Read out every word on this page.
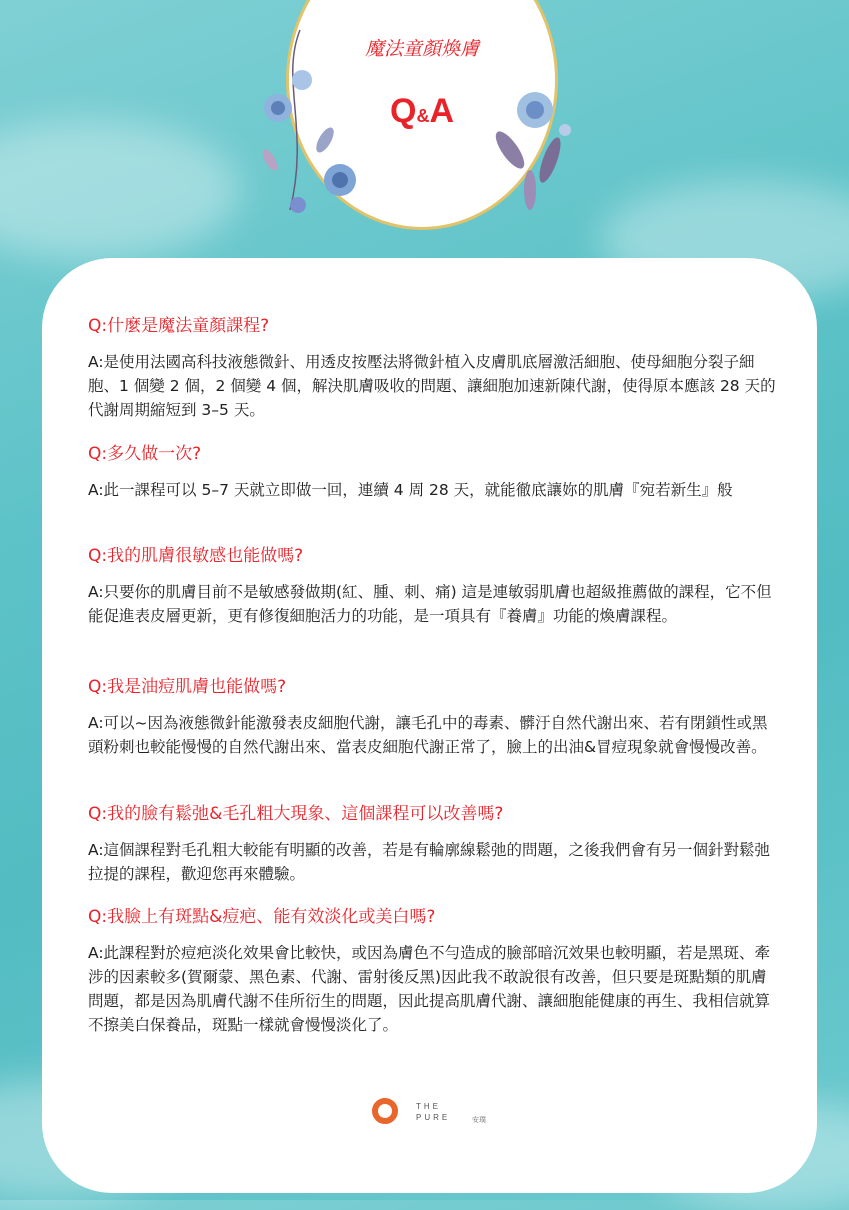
魔法童顏煥膚
Q&A

Q:什麼是魔法童顏課程?

A:是使用法國高科技液態微針、用透皮按壓法將微針植入皮膚肌底層激活細胞、使母細胞分裂子細胞、1 個變 2 個，2 個變 4 個，解決肌膚吸收的問題、讓細胞加速新陳代謝，使得原本應該 28 天的代謝周期縮短到 3–5 天。

Q:多久做一次?

A:此一課程可以 5–7 天就立即做一回，連續 4 周 28 天，就能徹底讓妳的肌膚『宛若新生』般

Q:我的肌膚很敏感也能做嗎?

A:只要你的肌膚目前不是敏感發做期(紅、腫、刺、痛) 這是連敏弱肌膚也超級推薦做的課程，它不但能促進表皮層更新，更有修復細胞活力的功能，是一項具有『養膚』功能的煥膚課程。

Q:我是油痘肌膚也能做嗎?

A:可以~因為液態微針能激發表皮細胞代謝，讓毛孔中的毒素、髒汙自然代謝出來、若有閉鎖性或黑頭粉刺也較能慢慢的自然代謝出來、當表皮細胞代謝正常了，臉上的出油&冒痘現象就會慢慢改善。

Q:我的臉有鬆弛&毛孔粗大現象、這個課程可以改善嗎?

A:這個課程對毛孔粗大較能有明顯的改善，若是有輪廓線鬆弛的問題，之後我們會有另一個針對鬆弛拉提的課程，歡迎您再來體驗。

Q:我臉上有斑點&痘疤、能有效淡化或美白嗎?

A:此課程對於痘疤淡化效果會比較快，或因為膚色不勻造成的臉部暗沉效果也較明顯，若是黑斑、牽涉的因素較多(賀爾蒙、黑色素、代謝、雷射後反黑)因此我不敢說很有改善，但只要是斑點類的肌膚問題，都是因為肌膚代謝不佳所衍生的問題，因此提高肌膚代謝、讓細胞能健康的再生、我相信就算不擦美白保養品，斑點一樣就會慢慢淡化了。

THE
PURE	安璞
